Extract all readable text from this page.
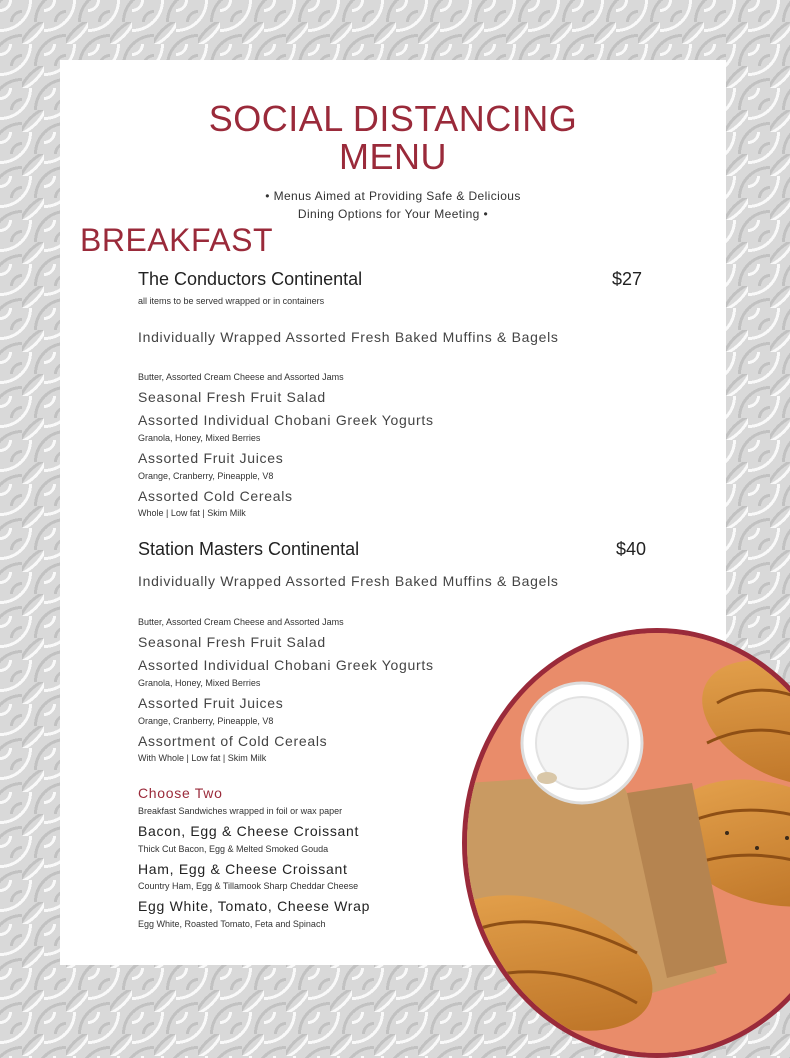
SOCIAL DISTANCING
MENU
• Menus Aimed at Providing Safe & Delicious
Dining Options for Your Meeting •
BREAKFAST
The Conductors Continental	$27
all items to be served wrapped or in containers
Individually Wrapped Assorted Fresh Baked Muffins & Bagels
Butter, Assorted Cream Cheese and Assorted Jams
Seasonal Fresh Fruit Salad
Assorted Individual Chobani Greek Yogurts
Granola, Honey, Mixed Berries
Assorted Fruit Juices
Orange, Cranberry, Pineapple, V8
Assorted Cold Cereals
Whole | Low fat | Skim Milk
Station Masters Continental	$40
Individually Wrapped Assorted Fresh Baked Muffins & Bagels
Butter, Assorted Cream Cheese and Assorted Jams
Seasonal Fresh Fruit Salad
Assorted Individual Chobani Greek Yogurts
Granola, Honey, Mixed Berries
Assorted Fruit Juices
Orange, Cranberry, Pineapple, V8
Assortment of Cold Cereals
With Whole | Low fat | Skim Milk
Choose Two
Breakfast Sandwiches wrapped in foil or wax paper
Bacon, Egg & Cheese Croissant
Thick Cut Bacon, Egg & Melted Smoked Gouda
Ham, Egg & Cheese Croissant
Country Ham, Egg & Tillamook Sharp Cheddar Cheese
Egg White, Tomato, Cheese Wrap
Egg White, Roasted Tomato, Feta and Spinach
